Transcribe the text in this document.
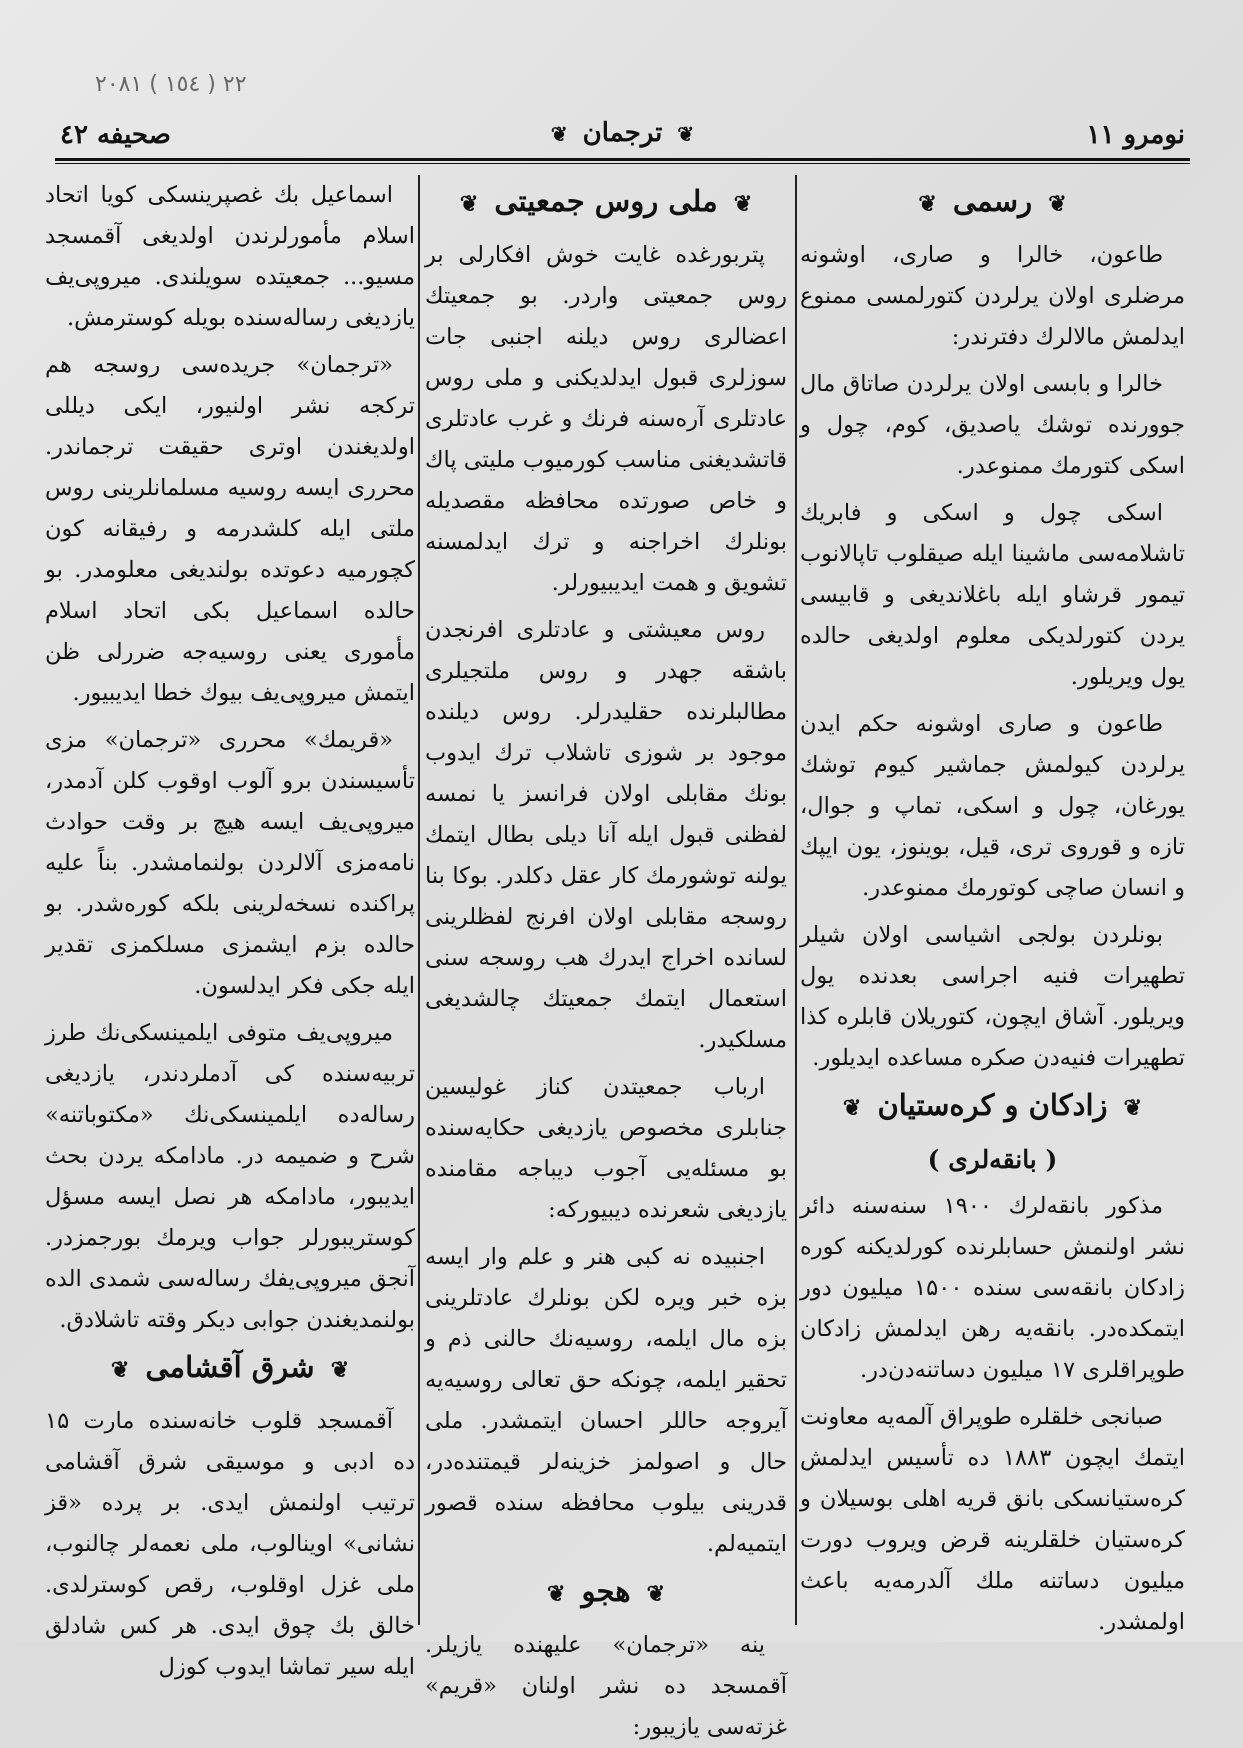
٢٢ ( ١٥٤ ) ٢٠٨١
نومرو ۱۱
❦ ترجمان ❦
صحیفه ٤٢
❦ رسمی ❦

طاعون، خالرا و صاری، اوشونه مرضلری اولان یرلردن کتورلمسی ممنوع ایدلمش مالالرك دفترندر:

خالرا و بابسی اولان یرلردن صاتاق مال جوورنده توشك یاصدیق، کوم، چول و اسکی کتورمك ممنوعدر.

اسکی چول و اسکی و فابریك تاشلامه‌سی ماشینا ایله صیقلوب تاپالانوب تیمور قرشاو ایله باغلاندیغی و قابیسی یردن کتورلدیکی معلوم اولدیغی حالده یول ویریلور.

طاعون و صاری اوشونه حکم ایدن یرلردن کیولمش جماشیر کیوم توشك یورغان، چول و اسکی، تماپ و جوال، تازه و قوروی تری، قیل، بوینوز، یون ایپك و انسان صاچی کوتورمك ممنوعدر.

بونلردن بولجی اشیاسی اولان شیلر تطهیرات فنیه اجراسی بعدنده یول ویریلور. آشاق ایچون، کتوریلان قابلره کذا تطهیرات فنیه‌دن صکره مساعده ایدیلور.

❦ زادکان و کره‌ستیان ❦
( بانقه‌لری )

مذکور بانقه‌لرك ۱۹۰۰ سنه‌سنه دائر نشر اولنمش حسابلرنده کورلدیکنه کوره زادکان بانقه‌سی سنده ۱۵۰۰ میلیون دور ایتمکده‌در. بانقه‌یه رهن ایدلمش زادکان طوپراقلری ۱۷ میلیون دساتنه‌دن‌در.

صبانجی خلقلره طوپراق آلمه‌یه معاونت ایتمك ایچون ۱۸۸۳ ده تأسیس ایدلمش کره‌ستیانسکی بانق قریه اهلی بوسیلان و کره‌ستیان خلقلرینه قرض ویروب دورت میلیون دساتنه ملك آلدرمه‌یه باعث اولمشدر.

❦ ملی روس جمعیتی ❦

پتربورغده غایت خوش افکارلی بر روس جمعیتی واردر. بو جمعیتك اعضالری روس دیلنه اجنبی جات سوزلری قبول ایدلدیکنی و ملی روس عادتلری آره‌سنه فرنك و غرب عادتلری قاتشدیغنی مناسب کورمیوب ملیتی پاك و خاص صورتده محافظه مقصدیله بونلرك اخراجنه و ترك ایدلمسنه تشویق و همت ایدیبیورلر.

روس معیشتی و عادتلری افرنجدن باشقه جهدر و روس ملتجیلری مطالبلرنده حقلیدرلر. روس دیلنده موجود بر شوزی تاشلاب ترك ایدوب بونك مقابلی اولان فرانسز یا نمسه لفظنی قبول ایله آنا دیلی بطال ایتمك یولنه توشورمك کار عقل دکلدر. بوکا بنا روسجه مقابلی اولان افرنج لفظلرینی لسانده اخراج ایدرك هب روسجه سنی استعمال ایتمك جمعیتك چالشدیغی مسلکیدر.

ارباب جمعیتدن کناز غولیسین جنابلری مخصوص یازدیغی حکایه‌سنده بو مسئله‌یی آجوب دیباجه مقامنده یازدیغی شعرنده دیبیورکه:

اجنبیده نه کبی هنر و علم وار ایسه بزه خبر ویره لکن بونلرك عادتلرینی بزه مال ایلمه، روسیه‌نك حالنی ذم و تحقیر ایلمه، چونکه حق تعالی روسیه‌یه آیروجه حاللر احسان ایتمشدر. ملی حال و اصولمز خزینه‌لر قیمتنده‌در، قدرینی بیلوب محافظه سنده قصور ایتمیه‌لم.

❦ هجو ❦

ینه «ترجمان» علیهنده یازیلر. آقمسجد ده نشر اولنان «قریم» غزته‌سی یازیبور:

اسماعیل بك غصپرینسکی کویا اتحاد اسلام مأمورلرندن اولدیغی آقمسجد مسیو... جمعیتده سویلندی. میروپی‌یف یازدیغی رساله‌سنده بویله کوسترمش.

«ترجمان» جریده‌سی روسجه هم ترکجه نشر اولنیور، ایکی دیللی اولدیغندن اوتری حقیقت ترجماندر. محرری ایسه روسیه مسلمانلرینی روس ملتی ایله کلشدرمه و رفیقانه کون کچورمیه دعوتده بولندیغی معلومدر. بو حالده اسماعیل بکی اتحاد اسلام مأموری یعنی روسیه‌جه ضررلی ظن ایتمش میروپی‌یف بیوك خطا ایدیبیور.

«قریمك» محرری «ترجمان» مزی تأسیسندن برو آلوب اوقوب کلن آدمدر، میروپی‌یف ایسه هیچ بر وقت حوادث نامه‌مزی آلالردن بولنمامشدر. بناً علیه پراکنده نسخه‌لرینی بلکه کوره‌شدر. بو حالده بزم ایشمزی مسلکمزی تقدیر ایله جکی فکر ایدلسون.

میروپی‌یف متوفی ایلمینسکی‌نك طرز تربیه‌سنده کی آدملردندر، یازدیغی رساله‌ده ایلمینسکی‌نك «مکتوباتنه» شرح و ضمیمه در. مادامکه یردن بحث ایدیبور، مادامکه هر نصل ایسه مسؤل کوستریبورلر جواب ویرمك بورجمزدر. آنجق میروپی‌یفك رساله‌سی شمدی الده بولنمدیغندن جوابی دیکر وقته تاشلادق.

❦ شرق آقشامی ❦

آقمسجد قلوب خانه‌سنده مارت ۱۵ ده ادبی و موسیقی شرق آقشامی ترتیب اولنمش ایدی. بر پرده «قز نشانی» اوینالوب، ملی نعمه‌لر چالنوب، ملی غزل اوقلوب، رقص کوسترلدی. خالق بك چوق ایدی. هر کس شادلق ایله سیر تماشا ایدوب کوزل
